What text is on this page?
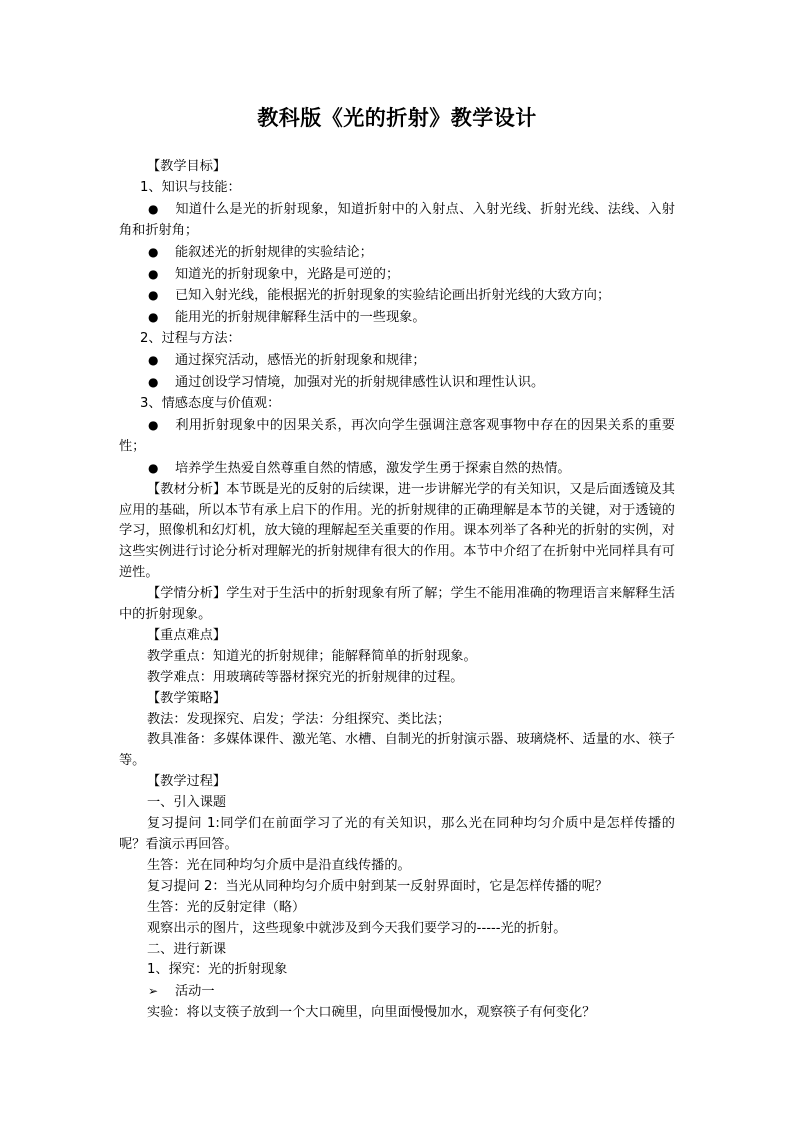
教科版《光的折射》教学设计

【教学目标】

1、知识与技能：

● 知道什么是光的折射现象，知道折射中的入射点、入射光线、折射光线、法线、入射角和折射角；

● 能叙述光的折射规律的实验结论；

● 知道光的折射现象中，光路是可逆的；

● 已知入射光线，能根据光的折射现象的实验结论画出折射光线的大致方向；

● 能用光的折射规律解释生活中的一些现象。

2、过程与方法：

● 通过探究活动，感悟光的折射现象和规律；

● 通过创设学习情境，加强对光的折射规律感性认识和理性认识。

3、情感态度与价值观：

● 利用折射现象中的因果关系，再次向学生强调注意客观事物中存在的因果关系的重要性；

● 培养学生热爱自然尊重自然的情感，激发学生勇于探索自然的热情。

【教材分析】本节既是光的反射的后续课，进一步讲解光学的有关知识，又是后面透镜及其应用的基础，所以本节有承上启下的作用。光的折射规律的正确理解是本节的关键，对于透镜的学习，照像机和幻灯机，放大镜的理解起至关重要的作用。课本列举了各种光的折射的实例，对这些实例进行讨论分析对理解光的折射规律有很大的作用。本节中介绍了在折射中光同样具有可逆性。

【学情分析】学生对于生活中的折射现象有所了解；学生不能用准确的物理语言来解释生活中的折射现象。

【重点难点】

教学重点：知道光的折射规律；能解释简单的折射现象。

教学难点：用玻璃砖等器材探究光的折射规律的过程。

【教学策略】

教法：发现探究、启发；学法：分组探究、类比法；

教具准备：多媒体课件、激光笔、水槽、自制光的折射演示器、玻璃烧杯、适量的水、筷子等。

【教学过程】

一、引入课题

复习提问 1:同学们在前面学习了光的有关知识，那么光在同种均匀介质中是怎样传播的呢？看演示再回答。

生答：光在同种均匀介质中是沿直线传播的。

复习提问 2：当光从同种均匀介质中射到某一反射界面时，它是怎样传播的呢？

生答：光的反射定律（略）

观察出示的图片，这些现象中就涉及到今天我们要学习的-----光的折射。

二、进行新课

1、探究：光的折射现象

➢ 活动一

实验：将以支筷子放到一个大口碗里，向里面慢慢加水，观察筷子有何变化？
